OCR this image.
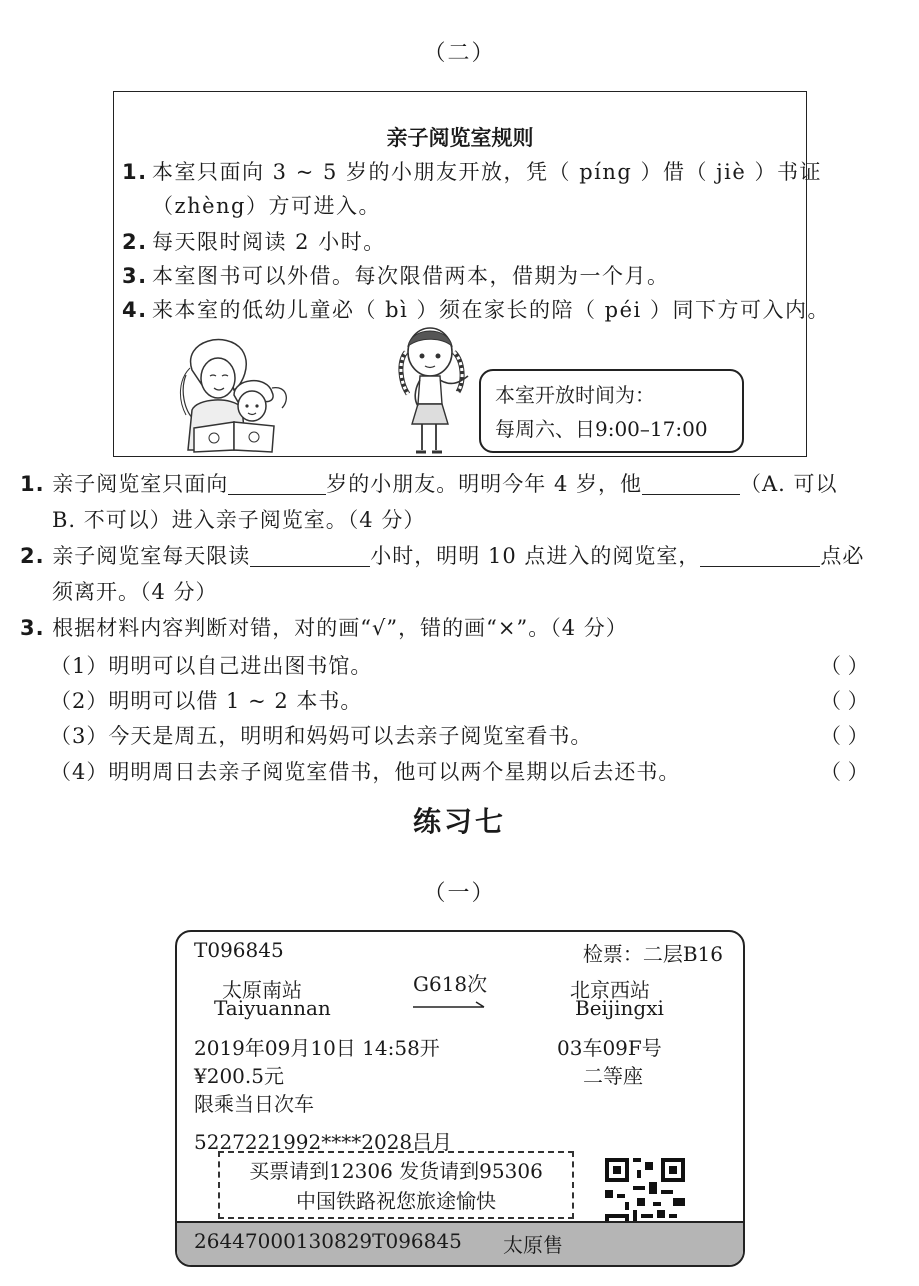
（二）
亲子阅览室规则
1. 本室只面向 3 ~ 5 岁的小朋友开放，凭（ píng ）借（ jiè ）书证
（zhèng）方可进入。
2. 每天限时阅读 2 小时。
3. 本室图书可以外借。每次限借两本，借期为一个月。
4. 来本室的低幼儿童必（ bì ）须在家长的陪（ péi ）同下方可入内。
本室开放时间为：
每周六、日9:00–17:00
1. 亲子阅览室只面向	岁的小朋友。明明今年 4 岁，他	（A. 可以
B. 不可以）进入亲子阅览室。（4 分）
2. 亲子阅览室每天限读	小时，明明 10 点进入的阅览室，	点必
须离开。（4 分）
3. 根据材料内容判断对错，对的画“√”，错的画“×”。（4 分）
（1）明明可以自己进出图书馆。	（ ）
（2）明明可以借 1 ~ 2 本书。	（ ）
（3）今天是周五，明明和妈妈可以去亲子阅览室看书。	（ ）
（4）明明周日去亲子阅览室借书，他可以两个星期以后去还书。	（ ）
练习七
（一）
T096845	检票：二层B16
太原南站
Taiyuannan
G618次	北京西站
Beijingxi
2019年09月10日 14:58开	03车09F号
¥200.5元	二等座
限乘当日次车
5227221992****2028吕月
买票请到12306 发货请到95306
中国铁路祝您旅途愉快
26447000130829T096845 太原售
